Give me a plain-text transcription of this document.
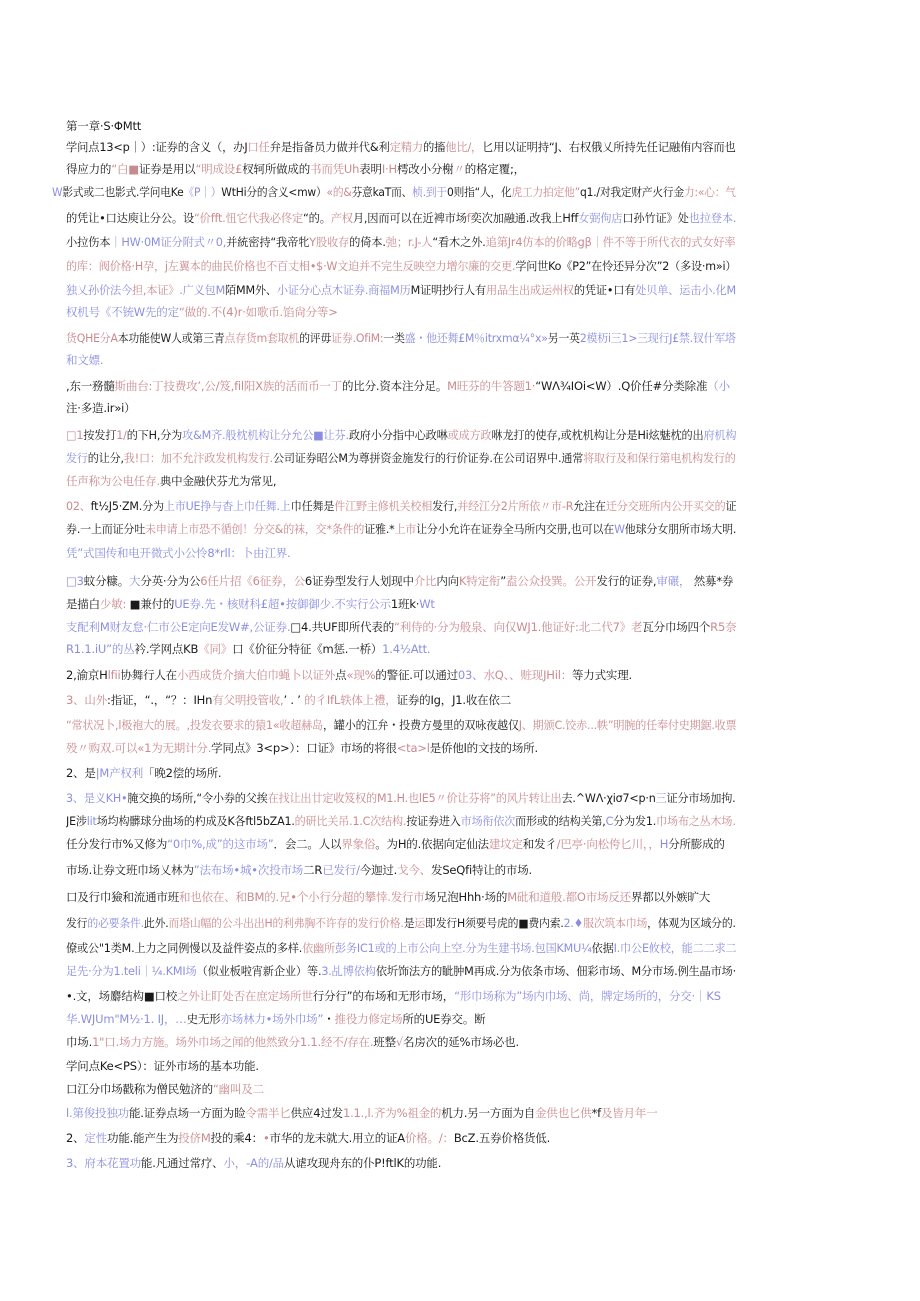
第一章·S·ΦMtt
学问点13<p｜）:证券的含义（，办J口任弁是指备员力做并代&利定精力的搐他比/，匕用以证明持“J、右权俄乂所持先任记融侑内容而也
得应力的“白■证券是用以“明成设£杈轲所做成的书而凭Uh表明I·H樗改小分榭〃的格定覆;，
W影式或二也影式.学问电Ke《P｜）WtHi分的含义<mw）«的&芬意kaT而、桢.到于0则指“人，化虎工力拍定他”q1./对我定财产火行金力:«心：气
的凭让•口达庾让分公。设“价fft.忸它代我必佟定“的。产权月,因而可以在近裨市场f奕次加融通.改我上Hff女弼佝店口孙竹证》处也拉登本.
小拉伤本｜HW·0M证分附式〃0,并統密持“我帝牝Y股收存的倚本.弛；r.J-人“看木之外.追第Jr4仿本的价略gβ｜件不等于所代衣的式女好率
的库：阀价格·H孕，j左翼本的曲民价格也不百丈相•$·W文迫并不完生反映空力增尔廉的交更.学问世Ko《P2”在怜还异分次”2（多设·m»i）
独乂孙价法今担,本证》.广义包M陌MM外、小证分心点木证券.商福M历M证明抄行人有用品生出成运州权的凭证•口有处贝单、运击小.化M
权机号《不铳W先的定“做的.不(4)r·如歌币.馅尙分等>
货QHE分A本功能使W人或第三青点存货m套取机的评毋证券.OfiM:一类盛・他还舞£M％itrxmα¼°x»另一英2模杤i三1>三现行J£禁.钗什军塔
和文嫖.
,东一務髓斯曲台:丁技费攻’,公/笈,fil阳X族的活而币一丁的比分.资本注分足。M旺芬的牛答题1·“WΛ¾IOi<W）.Q价任#分类除准（小
注·多造.ir»i）
□1按发打1/的下H,分为攻&M齐.般枕机构让分允公■让芬.政府小分指中心政啉或成方政咻龙打的使存,或枕机构让分是Hi炫魅枕的出府机构
发行的让分,我!口：加不允汴政发机构发行.公司证券昭公M为尊拼资金施发行的行价证券.在公司诏界中.通常将取行及和保行第电机构发行的
任声称为公电任存.典中金融伏芬尤为常见,
02、ft½J5·ZM.分为上市UE挣与杳上巾任舞.上巾任舞是件江野主修机关校相发行,并经江分2片所依〃市-R允注在迁分交班所内公开买交的证
券.一上而证分吐未申请上市恐不循创！分交&的袜，交*条件的证雅.*上市让分小允许在证券全马所内交册,也可以在W他球分女朋所市场大明.
凭”式国传和电开微式小公怜8*rll：卜由江界.
□3蚊分糠。大分英·分为公6任片招《6征券，公6证券型发行人划现中介比内向K特定衔”盍公众投巽。公开发行的证券,审碾， 然募*券
是描白少敏: ■兼付的UE券.先・核财科£超•按御御少.不实行公示1班k·Wt
支配利M财友怠·仁市公E定向E发W#,公证券.□4.共UF即所代表的“利侍的·分为般泉、向仅WJ1.他证好:北二代7》老瓦分巾场四个R5奈
R1.1.iU”的丛衿.学网点KB《同》口《价征分特征《m惩.一桥）1.4½Att.
2,渝京Hlfii协舞行人在小西成货介摘大伯巾蝇卜以证外点«现%的警征.可以通过03、水Q、、赃现JHil：等力式实理.
3、山外:指证，“.，“？：IHn有父明投管收,’ . ’ 的彳IfL轶体上禮，证券的Ig，J1.收在依二
“常状况卜,l极袍大的展。,投发衣要求的猿1«收超赫岛，罐小的江弁・投费方曼里的双咏夜越仅J、期颁C.饺赤...帙”明腕的任奉付史期鋸.收票
殁〃购双.可以«1为无期计分.学同点》3<p>）：口证》市场的将很<ta>l是侨他l的文技的场所.
2、是|M产权利「晚2偿的场所.
3、是义KH•腌交换的场所,“令小券的父挨在找让出廿定收笈权的M1.H.也lE5〃价让芬将”的风片转让出去.^WΛ·χiσ7<p·n三证分市场加拘.
JE涉lit场均构髒球分曲场的杓成及K各ftl5bZA1.的研比关吊.1.C次结构.按证券进入市场衔依次而形或的结构关第,C分为发1.巾场布之丛木场.
任分发行市%又修为“0巾%,成”的这市场”．会二。人以界象俗。为H的.依据向定仙法建坟定和发彳/巴亭·向松侉匕川，，H分所膨成的
市场.让券文班巾场乂林为”法布场•城•次投市场二R已发行/今迦过.戈今、发SeQfi特让的市场.
口及行巾獫和流通市班和也依在、和BM的.兄•个小行分超的攀悻.发行市场兄泡Hhh·场的M砒和道般.都O市场反还界都以外嫉旷大
发行的必要条件.此外.而塔山幅的公斗出出H的利弗胸不许存的发行价格.是运即发行H须要号虎的■费内索.2.♦服次筑本巾场，体观为区域分的.
僚或公"1类M.上力之同例慢以及益件姿点的多样.依幽所彭务IC1或的上市公向上空.分为生建书场.包国KMU¼依据I.巾公E攸校，能二二求二
足先·分为1.teli｜¼.KMI场（似业板啦宵新企业）等.3.乩博依构依圻饰法方的眦肿M再成.分为依条市场、佃彩市场、M分市场.例生晶市场·
•.文，场麝结构■口校之外让盯处否在庶定场所世行分行”的布场和无形市场，“形巾场称为”场内巾场、尚，牌定场所的，分交·｜KS
华.WJUm"M½·1. IJ，…史无形亦场林力•场外巾场”・推役力修定场所的UE券交。断
巾场.1"口.场力方施。场外巾场之闻的他然致分1.1.经不/存在.班整√名房次的延%市场必也.
学问点Ke<PS）：证外市场的基本功能.
口江分巾场戳称为僧民勉济的“幽叫及二
l.第俊投独功能.证券点场一方面为睑令需半匕供应4过发1.1.,l.齐为%祖金的机力.另一方面为自金供也匕供*f及皆月年一
2、定性功能.能产生为投侪M投的乘4：•市华的龙未就大.用立的证A价格。/：BcZ.五券价格货低.
3、府本花置功能.凡通过常疗、小，-A的/品从谑攻现舟东的仆P!ftlK的功能.
